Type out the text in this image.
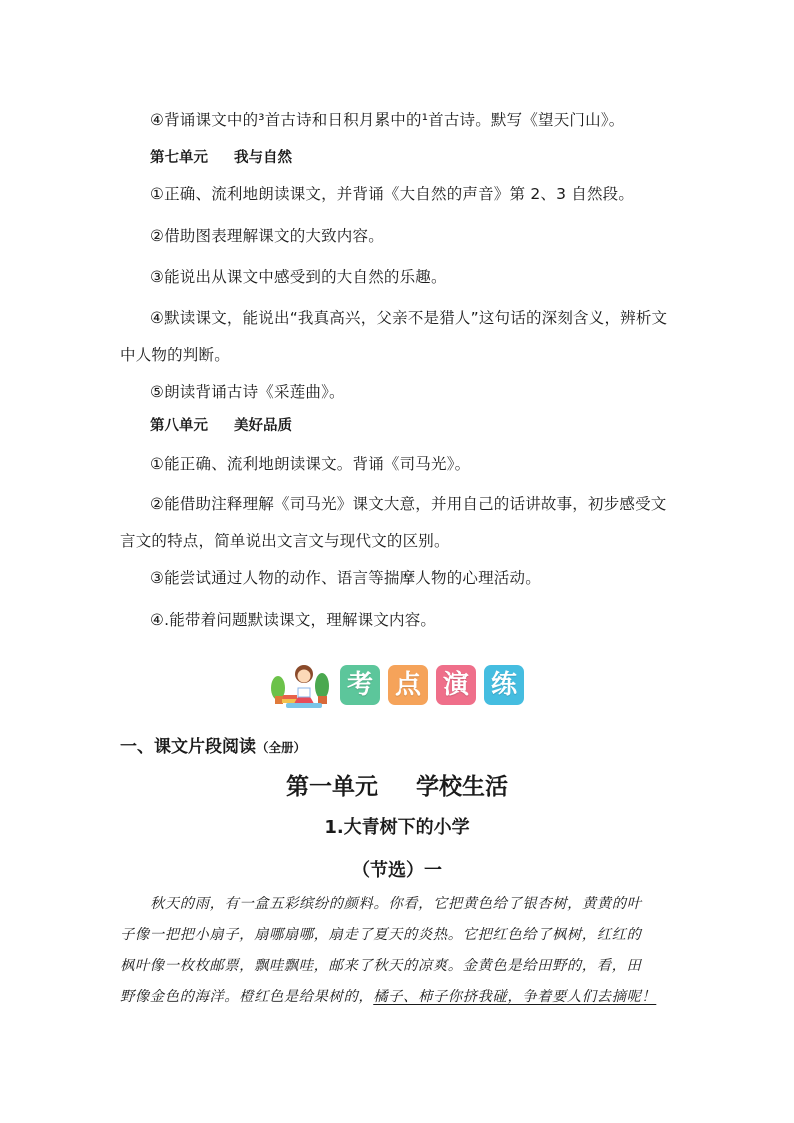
④背诵课文中的³首古诗和日积月累中的¹首古诗。默写《望天门山》。
第七单元 我与自然
①正确、流利地朗读课文，并背诵《大自然的声音》第 2、3 自然段。
②借助图表理解课文的大致内容。
③能说出从课文中感受到的大自然的乐趣。
④默读课文，能说出“我真高兴，父亲不是猎人”这句话的深刻含义，辨析文
中人物的判断。
⑤朗读背诵古诗《采莲曲》。
第八单元 美好品质
①能正确、流利地朗读课文。背诵《司马光》。
②能借助注释理解《司马光》课文大意，并用自己的话讲故事，初步感受文
言文的特点，简单说出文言文与现代文的区别。
③能尝试通过人物的动作、语言等揣摩人物的心理活动。
④.能带着问题默读课文，理解课文内容。
考 点 演 练
一、课文片段阅读（全册）
第一单元 学校生活
1.大青树下的小学
（节选）一
秋天的雨，有一盒五彩缤纷的颜料。你看，它把黄色给了银杏树，黄黄的叶
子像一把把小扇子，扇哪扇哪，扇走了夏天的炎热。它把红色给了枫树，红红的
枫叶像一枚枚邮票，飘哇飘哇，邮来了秋天的凉爽。金黄色是给田野的，看，田
野像金色的海洋。橙红色是给果树的，橘子、柿子你挤我碰，争着要人们去摘呢！
